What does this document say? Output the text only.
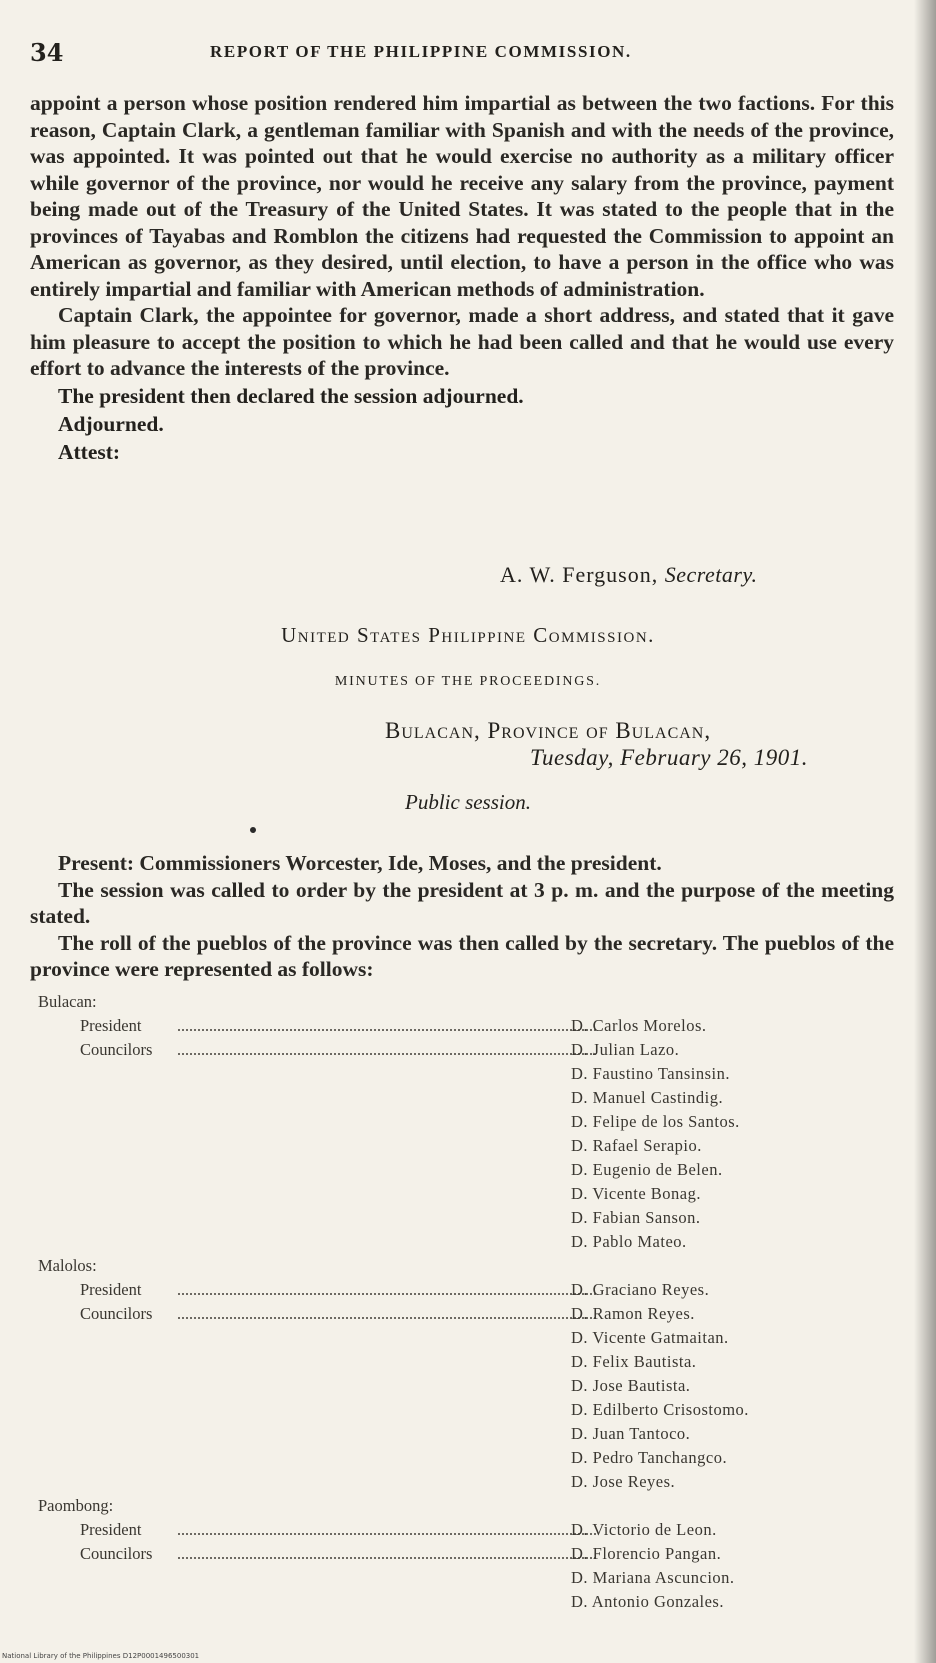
34	REPORT OF THE PHILIPPINE COMMISSION.

appoint a person whose position rendered him impartial as between the two factions. For this reason, Captain Clark, a gentleman familiar with Spanish and with the needs of the province, was appointed. It was pointed out that he would exercise no authority as a military officer while governor of the province, nor would he receive any salary from the province, payment being made out of the Treasury of the United States. It was stated to the people that in the provinces of Tayabas and Romblon the citizens had requested the Commission to appoint an American as governor, as they desired, until election, to have a person in the office who was entirely impartial and familiar with American methods of administration.

Captain Clark, the appointee for governor, made a short address, and stated that it gave him pleasure to accept the position to which he had been called and that he would use every effort to advance the interests of the province.

The president then declared the session adjourned.

Adjourned.

Attest:

A. W. Ferguson, Secretary.
United States Philippine Commission.
MINUTES OF THE PROCEEDINGS.
Bulacan, Province of Bulacan,
Tuesday, February 26, 1901.
Public session.

Present: Commissioners Worcester, Ide, Moses, and the president.

The session was called to order by the president at 3 p. m. and the purpose of the meeting stated.

The roll of the pueblos of the province was then called by the secretary. The pueblos of the province were represented as follows:

Bulacan:

President	D. Carlos Morelos.
Councilors	D. Julian Lazo.
D. Faustino Tansinsin.
D. Manuel Castindig.
D. Felipe de los Santos.
D. Rafael Serapio.
D. Eugenio de Belen.
D. Vicente Bonag.
D. Fabian Sanson.
D. Pablo Mateo.

Malolos:

President	D. Graciano Reyes.
Councilors	D. Ramon Reyes.
D. Vicente Gatmaitan.
D. Felix Bautista.
D. Jose Bautista.
D. Edilberto Crisostomo.
D. Juan Tantoco.
D. Pedro Tanchangco.
D. Jose Reyes.

Paombong:

President	D. Victorio de Leon.
Councilors	D. Florencio Pangan.
D. Mariana Ascuncion.
D. Antonio Gonzales.
National Library of the Philippines D12P0001496500301
